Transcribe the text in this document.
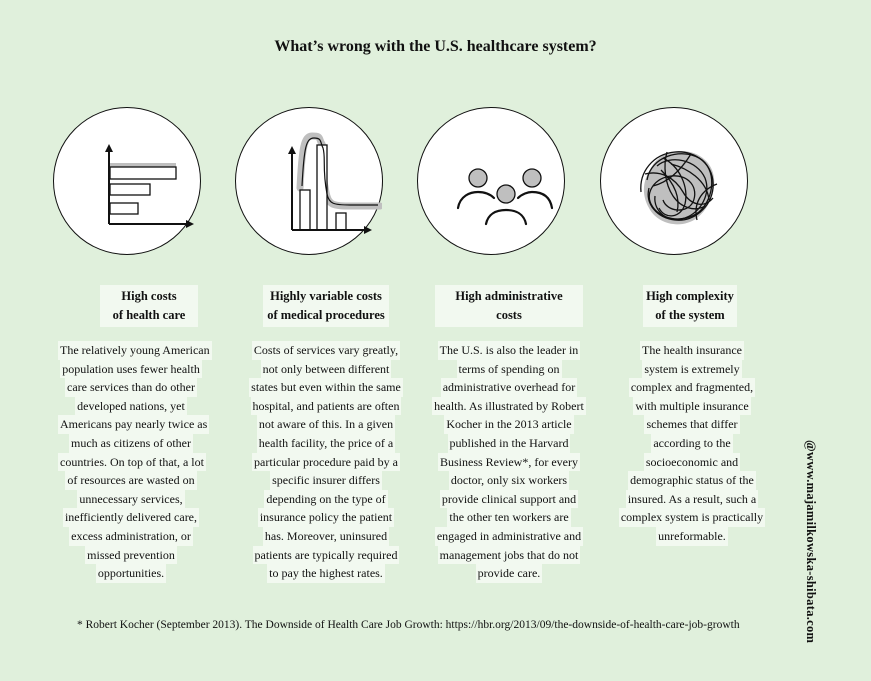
What’s wrong with the U.S. healthcare system?
High costs
of health care
The relatively young American
population uses fewer health
care services than do other
developed nations, yet
Americans pay nearly twice as
much as citizens of other
countries. On top of that, a lot
of resources are wasted on
unnecessary services,
inefficiently delivered care,
excess administration, or
missed prevention
opportunities.
Highly variable costs
of medical procedures
Costs of services vary greatly,
not only between different
states but even within the same
hospital, and patients are often
not aware of this. In a given
health facility, the price of a
particular procedure paid by a
specific insurer differs
depending on the type of
insurance policy the patient
has. Moreover, uninsured
patients are typically required
to pay the highest rates.
High administrative
costs
The U.S. is also the leader in
terms of spending on
administrative overhead for
health. As illustrated by Robert
Kocher in the 2013 article
published in the Harvard
Business Review*, for every
doctor, only six workers
provide clinical support and
the other ten workers are
engaged in administrative and
management jobs that do not
provide care.
High complexity
of the system
The health insurance
system is extremely
complex and fragmented,
with multiple insurance
schemes that differ
according to the
socioeconomic and
demographic status of the
insured. As a result, such a
complex system is practically
unreformable.
* Robert Kocher (September 2013). The Downside of Health Care Job Growth: https://hbr.org/2013/09/the-downside-of-health-care-job-growth	@www.majamilkowska-shibata.com
